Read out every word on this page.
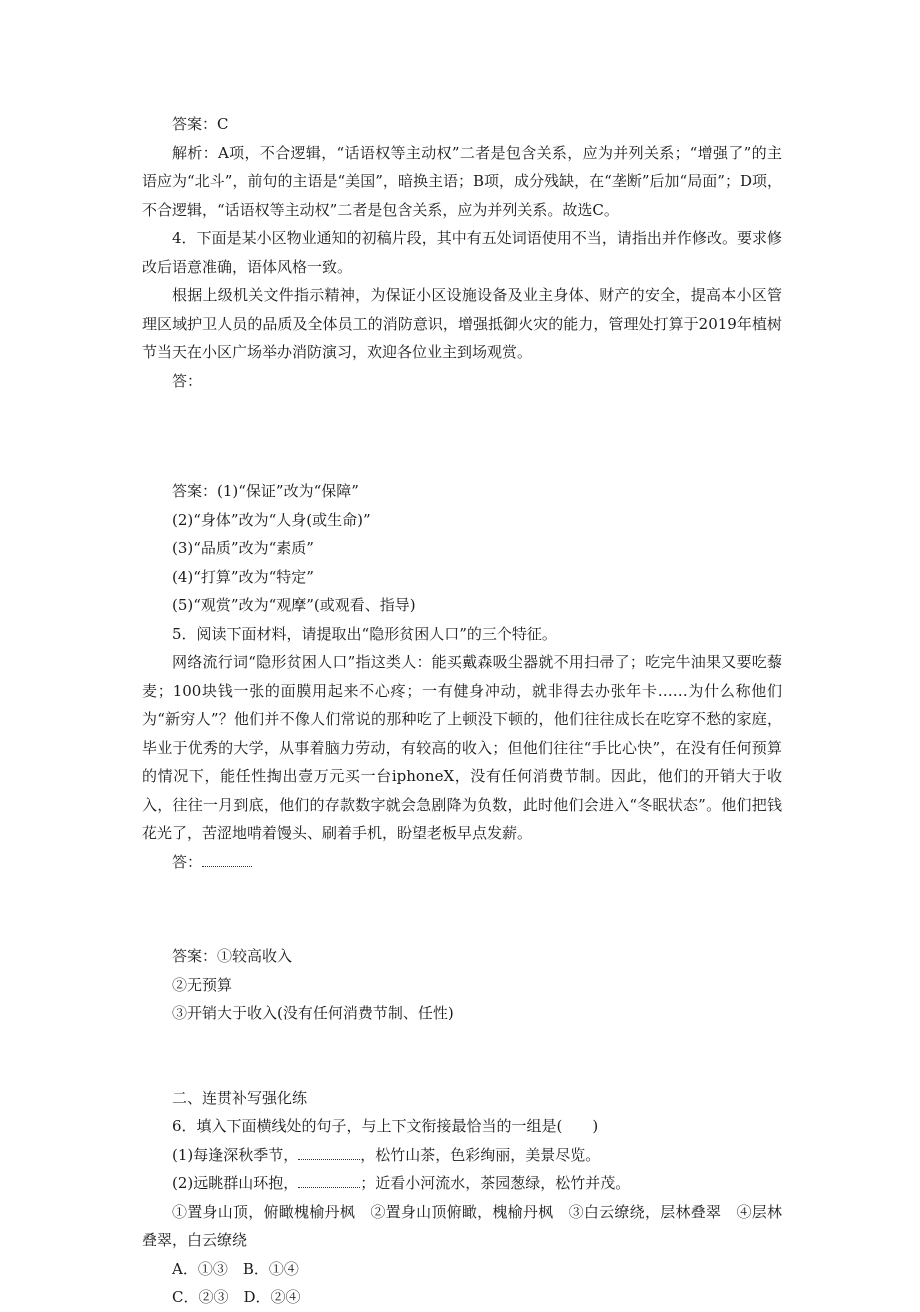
答案：C

解析：A项，不合逻辑，“话语权等主动权”二者是包含关系，应为并列关系；“增强了”的主语应为“北斗”，前句的主语是“美国”，暗换主语；B项，成分残缺，在“垄断”后加“局面”；D项，不合逻辑，“话语权等主动权”二者是包含关系，应为并列关系。故选C。

4．下面是某小区物业通知的初稿片段，其中有五处词语使用不当，请指出并作修改。要求修改后语意准确，语体风格一致。

根据上级机关文件指示精神，为保证小区设施设备及业主身体、财产的安全，提高本小区管理区域护卫人员的品质及全体员工的消防意识，增强抵御火灾的能力，管理处打算于2019年植树节当天在小区广场举办消防演习，欢迎各位业主到场观赏。

答：

答案：(1)“保证”改为“保障”

(2)“身体”改为“人身(或生命)”

(3)“品质”改为“素质”

(4)“打算”改为“特定”

(5)“观赏”改为“观摩”(或观看、指导)

5．阅读下面材料，请提取出“隐形贫困人口”的三个特征。

网络流行词“隐形贫困人口”指这类人：能买戴森吸尘器就不用扫帚了；吃完牛油果又要吃藜麦；100块钱一张的面膜用起来不心疼；一有健身冲动，就非得去办张年卡……为什么称他们为“新穷人”？他们并不像人们常说的那种吃了上顿没下顿的，他们往往成长在吃穿不愁的家庭，毕业于优秀的大学，从事着脑力劳动，有较高的收入；但他们往往“手比心快”，在没有任何预算的情况下，能任性掏出壹万元买一台iphoneX，没有任何消费节制。因此，他们的开销大于收入，往往一月到底，他们的存款数字就会急剧降为负数，此时他们会进入“冬眠状态”。他们把钱花光了，苦涩地啃着馒头、刷着手机，盼望老板早点发薪。

答：

答案：①较高收入

②无预算

③开销大于收入(没有任何消费节制、任性)

二、连贯补写强化练

6．填入下面横线处的句子，与上下文衔接最恰当的一组是(　　)

(1)每逢深秋季节，	，松竹山茶，色彩绚丽，美景尽览。

(2)远眺群山环抱，	；近看小河流水，茶园葱绿，松竹并茂。

①置身山顶，俯瞰槐榆丹枫　②置身山顶俯瞰，槐榆丹枫　③白云缭绕，层林叠翠　④层林叠翠，白云缭绕

A．①③　B．①④

C．②③　D．②④
